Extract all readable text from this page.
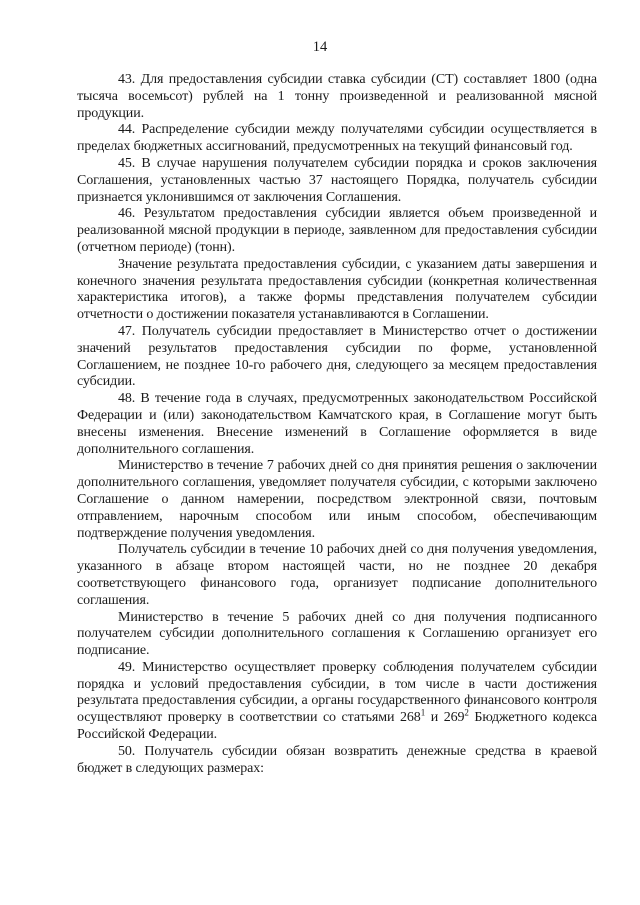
14

43. Для предоставления субсидии ставка субсидии (СТ) составляет 1800 (одна тысяча восемьсот) рублей на 1 тонну произведенной и реализованной мясной продукции.

44. Распределение субсидии между получателями субсидии осуществляется в пределах бюджетных ассигнований, предусмотренных на текущий финансовый год.

45. В случае нарушения получателем субсидии порядка и сроков заключения Соглашения, установленных частью 37 настоящего Порядка, получатель субсидии признается уклонившимся от заключения Соглашения.

46. Результатом предоставления субсидии является объем произведенной и реализованной мясной продукции в периоде, заявленном для предоставления субсидии (отчетном периоде) (тонн).

Значение результата предоставления субсидии, с указанием даты завершения и конечного значения результата предоставления субсидии (конкретная количественная характеристика итогов), а также формы представления получателем субсидии отчетности о достижении показателя устанавливаются в Соглашении.

47. Получатель субсидии предоставляет в Министерство отчет о достижении значений результатов предоставления субсидии по форме, установленной Соглашением, не позднее 10-го рабочего дня, следующего за месяцем предоставления субсидии.

48. В течение года в случаях, предусмотренных законодательством Российской Федерации и (или) законодательством Камчатского края, в Соглашение могут быть внесены изменения. Внесение изменений в Соглашение оформляется в виде дополнительного соглашения.

Министерство в течение 7 рабочих дней со дня принятия решения о заключении дополнительного соглашения, уведомляет получателя субсидии, с которыми заключено Соглашение о данном намерении, посредством электронной связи, почтовым отправлением, нарочным способом или иным способом, обеспечивающим подтверждение получения уведомления.

Получатель субсидии в течение 10 рабочих дней со дня получения уведомления, указанного в абзаце втором настоящей части, но не позднее 20 декабря соответствующего финансового года, организует подписание дополнительного соглашения.

Министерство в течение 5 рабочих дней со дня получения подписанного получателем субсидии дополнительного соглашения к Соглашению организует его подписание.

49. Министерство осуществляет проверку соблюдения получателем субсидии порядка и условий предоставления субсидии, в том числе в части достижения результата предоставления субсидии, а органы государственного финансового контроля осуществляют проверку в соответствии со статьями $268^1$ и $269^2$ Бюджетного кодекса Российской Федерации.

50. Получатель субсидии обязан возвратить денежные средства в краевой бюджет в следующих размерах:
